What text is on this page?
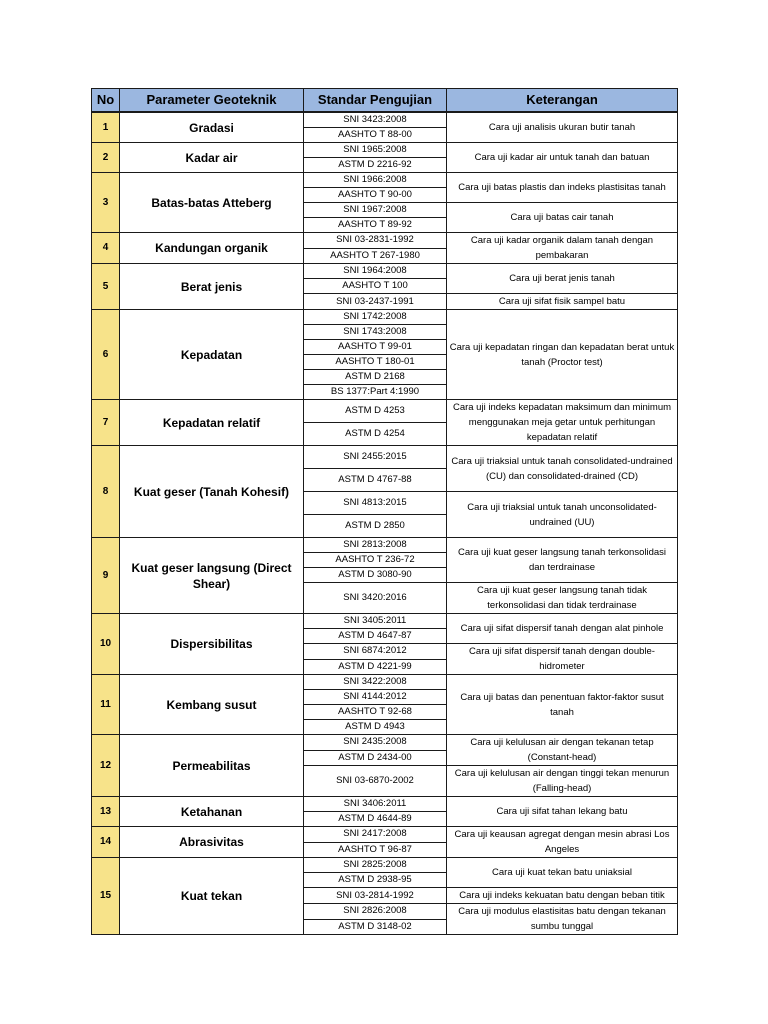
No	Parameter Geoteknik	Standar Pengujian	Keterangan
1	Gradasi	SNI 3423:2008	Cara uji analisis ukuran butir tanah
		AASHTO T 88-00	
2	Kadar air	SNI 1965:2008	Cara uji kadar air untuk tanah dan batuan
		ASTM D 2216-92	
3	Batas-batas Atteberg	SNI 1966:2008	Cara uji batas plastis dan indeks plastisitas tanah
		AASHTO T 90-00	
		SNI 1967:2008	Cara uji batas cair tanah
		AASHTO T 89-92	
4	Kandungan organik	SNI 03-2831-1992	Cara uji kadar organik dalam tanah dengan pembakaran
		AASHTO T 267-1980	
5	Berat jenis	SNI 1964:2008	Cara uji berat jenis tanah
		AASHTO T 100	
		SNI 03-2437-1991	Cara uji sifat fisik sampel batu
6	Kepadatan	SNI 1742:2008	Cara uji kepadatan ringan dan kepadatan berat untuk tanah (Proctor test)
		SNI 1743:2008	
		AASHTO T 99-01	
		AASHTO T 180-01	
		ASTM D 2168	
		BS 1377:Part 4:1990	
7	Kepadatan relatif	ASTM D 4253	Cara uji indeks kepadatan maksimum dan minimum menggunakan meja getar untuk perhitungan kepadatan relatif
		ASTM D 4254	
8	Kuat geser (Tanah Kohesif)	SNI 2455:2015	Cara uji triaksial untuk tanah consolidated-undrained (CU) dan consolidated-drained (CD)
		ASTM D 4767-88	
		SNI 4813:2015	Cara uji triaksial untuk tanah unconsolidated-undrained (UU)
		ASTM D 2850	
9	Kuat geser langsung (Direct Shear)	SNI 2813:2008	Cara uji kuat geser langsung tanah terkonsolidasi dan terdrainase
		AASHTO T 236-72	
		ASTM D 3080-90	
		SNI 3420:2016	Cara uji kuat geser langsung tanah tidak terkonsolidasi dan tidak terdrainase
10	Dispersibilitas	SNI 3405:2011	Cara uji sifat dispersif tanah dengan alat pinhole
		ASTM D 4647-87	
		SNI 6874:2012	Cara uji sifat dispersif tanah dengan double-hidrometer
		ASTM D 4221-99	
11	Kembang susut	SNI 3422:2008	Cara uji batas dan penentuan faktor-faktor susut tanah
		SNI 4144:2012	
		AASHTO T 92-68	
		ASTM D 4943	
12	Permeabilitas	SNI 2435:2008	Cara uji kelulusan air dengan tekanan tetap (Constant-head)
		ASTM D 2434-00	
		SNI 03-6870-2002	Cara uji kelulusan air dengan tinggi tekan menurun (Falling-head)
13	Ketahanan	SNI 3406:2011	Cara uji sifat tahan lekang batu
		ASTM D 4644-89	
14	Abrasivitas	SNI 2417:2008	Cara uji keausan agregat dengan mesin abrasi Los Angeles
		AASHTO T 96-87	
15	Kuat tekan	SNI 2825:2008	Cara uji kuat tekan batu uniaksial
		ASTM D 2938-95	
		SNI 03-2814-1992	Cara uji indeks kekuatan batu dengan beban titik
		SNI 2826:2008	Cara uji modulus elastisitas batu dengan tekanan sumbu tunggal
		ASTM D 3148-02	
